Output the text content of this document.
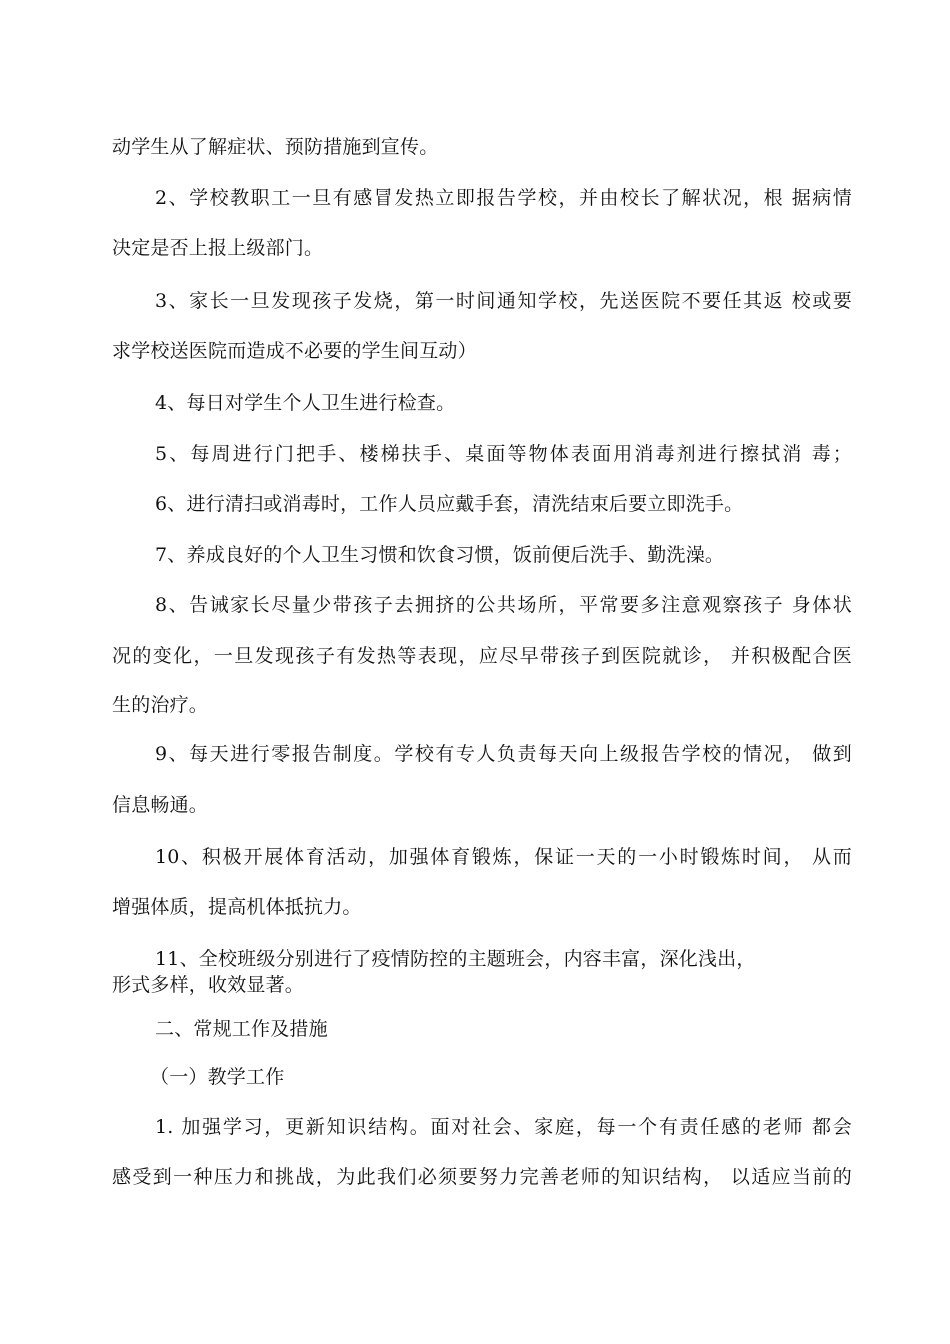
动学生从了解症状、预防措施到宣传。
2、学校教职工一旦有感冒发热立即报告学校，并由校长了解状况，根 据病情
决定是否上报上级部门。
3、家长一旦发现孩子发烧，第一时间通知学校，先送医院不要任其返 校或要
求学校送医院而造成不必要的学生间互动）
4、每日对学生个人卫生进行检查。
5、每周进行门把手、楼梯扶手、桌面等物体表面用消毒剂进行擦拭消 毒；
6、进行清扫或消毒时，工作人员应戴手套，清洗结束后要立即洗手。
7、养成良好的个人卫生习惯和饮食习惯，饭前便后洗手、勤洗澡。
8、告诫家长尽量少带孩子去拥挤的公共场所，平常要多注意观察孩子 身体状
况的变化，一旦发现孩子有发热等表现，应尽早带孩子到医院就诊， 并积极配合医
生的治疗。
9、每天进行零报告制度。学校有专人负责每天向上级报告学校的情况， 做到
信息畅通。
10、积极开展体育活动，加强体育锻炼，保证一天的一小时锻炼时间， 从而
增强体质，提高机体抵抗力。
11、全校班级分别进行了疫情防控的主题班会，内容丰富，深化浅出，
形式多样，收效显著。
二、常规工作及措施
（一）教学工作
1. 加强学习，更新知识结构。面对社会、家庭，每一个有责任感的老师 都会
感受到一种压力和挑战，为此我们必须要努力完善老师的知识结构， 以适应当前的
